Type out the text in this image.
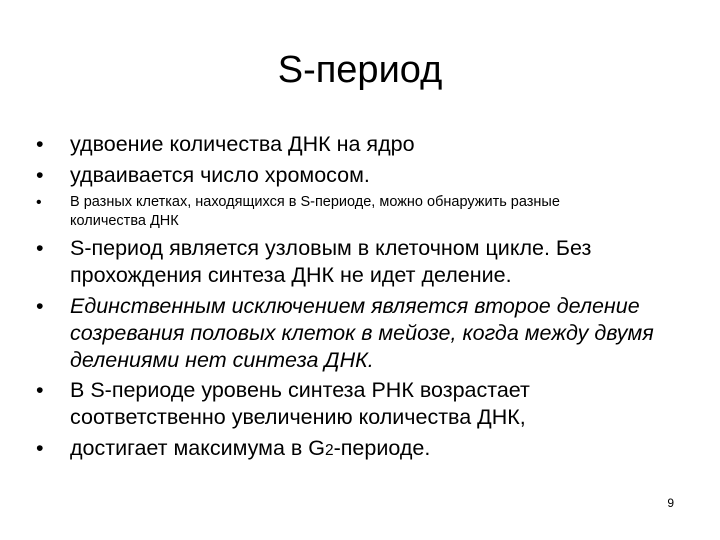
S-период
• удвоение количества ДНК на ядро
• удваивается число хромосом.
• В разных клетках, находящихся в S-периоде, можно обнаружить разные количества ДНК
• S-период является узловым в клеточном цикле. Без прохождения синтеза ДНК не идет деление.
• Единственным исключением является второе деление созревания половых клеток в мейозе, когда между двумя делениями нет синтеза ДНК.
• В S-периоде уровень синтеза РНК возрастает соответственно увеличению количества ДНК,
• достигает максимума в G2-периоде.
9
